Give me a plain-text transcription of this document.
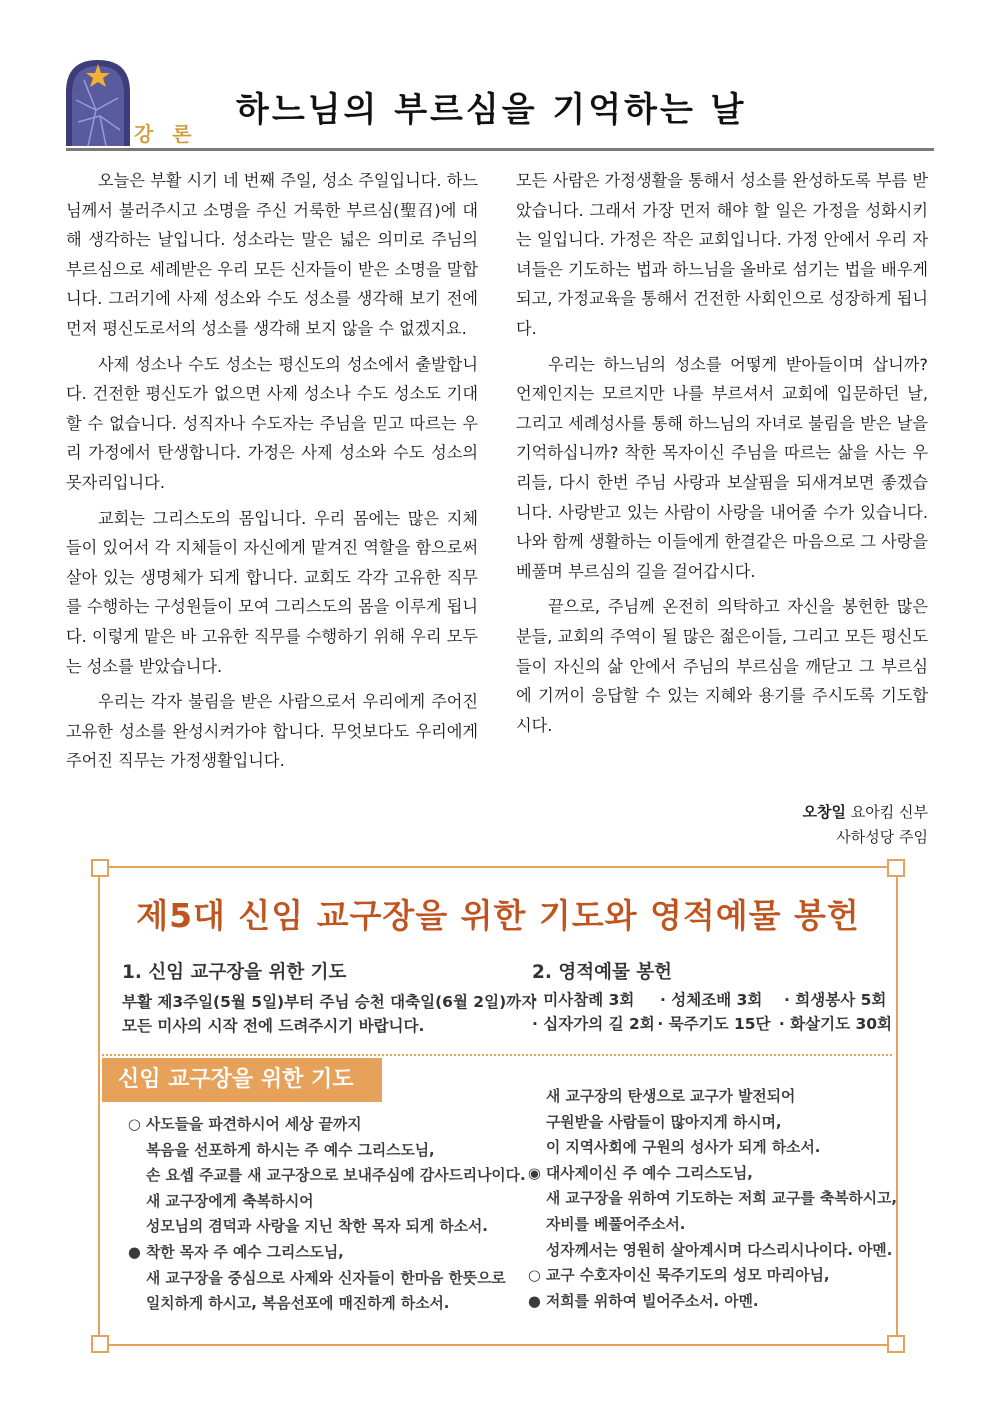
강 론
하느님의 부르심을 기억하는 날

오늘은 부활 시기 네 번째 주일, 성소 주일입니다. 하느님께서 불러주시고 소명을 주신 거룩한 부르심(聖召)에 대해 생각하는 날입니다. 성소라는 말은 넓은 의미로 주님의 부르심으로 세례받은 우리 모든 신자들이 받은 소명을 말합니다. 그러기에 사제 성소와 수도 성소를 생각해 보기 전에 먼저 평신도로서의 성소를 생각해 보지 않을 수 없겠지요.

사제 성소나 수도 성소는 평신도의 성소에서 출발합니다. 건전한 평신도가 없으면 사제 성소나 수도 성소도 기대할 수 없습니다. 성직자나 수도자는 주님을 믿고 따르는 우리 가정에서 탄생합니다. 가정은 사제 성소와 수도 성소의 못자리입니다.

교회는 그리스도의 몸입니다. 우리 몸에는 많은 지체들이 있어서 각 지체들이 자신에게 맡겨진 역할을 함으로써 살아 있는 생명체가 되게 합니다. 교회도 각각 고유한 직무를 수행하는 구성원들이 모여 그리스도의 몸을 이루게 됩니다. 이렇게 맡은 바 고유한 직무를 수행하기 위해 우리 모두는 성소를 받았습니다.

우리는 각자 불림을 받은 사람으로서 우리에게 주어진 고유한 성소를 완성시켜가야 합니다. 무엇보다도 우리에게 주어진 직무는 가정생활입니다.

모든 사람은 가정생활을 통해서 성소를 완성하도록 부름 받았습니다. 그래서 가장 먼저 해야 할 일은 가정을 성화시키는 일입니다. 가정은 작은 교회입니다. 가정 안에서 우리 자녀들은 기도하는 법과 하느님을 올바로 섬기는 법을 배우게 되고, 가정교육을 통해서 건전한 사회인으로 성장하게 됩니다.

우리는 하느님의 성소를 어떻게 받아들이며 삽니까? 언제인지는 모르지만 나를 부르셔서 교회에 입문하던 날, 그리고 세례성사를 통해 하느님의 자녀로 불림을 받은 날을 기억하십니까? 착한 목자이신 주님을 따르는 삶을 사는 우리들, 다시 한번 주님 사랑과 보살핌을 되새겨보면 좋겠습니다. 사랑받고 있는 사람이 사랑을 내어줄 수가 있습니다. 나와 함께 생활하는 이들에게 한결같은 마음으로 그 사랑을 베풀며 부르심의 길을 걸어갑시다.

끝으로, 주님께 온전히 의탁하고 자신을 봉헌한 많은 분들, 교회의 주역이 될 많은 젊은이들, 그리고 모든 평신도들이 자신의 삶 안에서 주님의 부르심을 깨닫고 그 부르심에 기꺼이 응답할 수 있는 지혜와 용기를 주시도록 기도합시다.

오창일 요아킴 신부
사하성당 주임
제5대 신임 교구장을 위한 기도와 영적예물 봉헌
1. 신임 교구장을 위한 기도
부활 제3주일(5월 5일)부터 주님 승천 대축일(6월 2일)까지
모든 미사의 시작 전에 드려주시기 바랍니다.
2. 영적예물 봉헌
· 미사참례 3회	· 성체조배 3회	· 희생봉사 5회
· 십자가의 길 2회 · 묵주기도 15단 · 화살기도 30회
신임 교구장을 위한 기도
○ 사도들을 파견하시어 세상 끝까지
복음을 선포하게 하시는 주 예수 그리스도님,
손 요셉 주교를 새 교구장으로 보내주심에 감사드리나이다.
새 교구장에게 축복하시어
성모님의 겸덕과 사랑을 지닌 착한 목자 되게 하소서.
● 착한 목자 주 예수 그리스도님,
새 교구장을 중심으로 사제와 신자들이 한마음 한뜻으로
일치하게 하시고, 복음선포에 매진하게 하소서.
새 교구장의 탄생으로 교구가 발전되어
구원받을 사람들이 많아지게 하시며,
이 지역사회에 구원의 성사가 되게 하소서.
◉ 대사제이신 주 예수 그리스도님,
새 교구장을 위하여 기도하는 저희 교구를 축복하시고,
자비를 베풀어주소서.
성자께서는 영원히 살아계시며 다스리시나이다. 아멘.
○ 교구 수호자이신 묵주기도의 성모 마리아님,
● 저희를 위하여 빌어주소서. 아멘.
